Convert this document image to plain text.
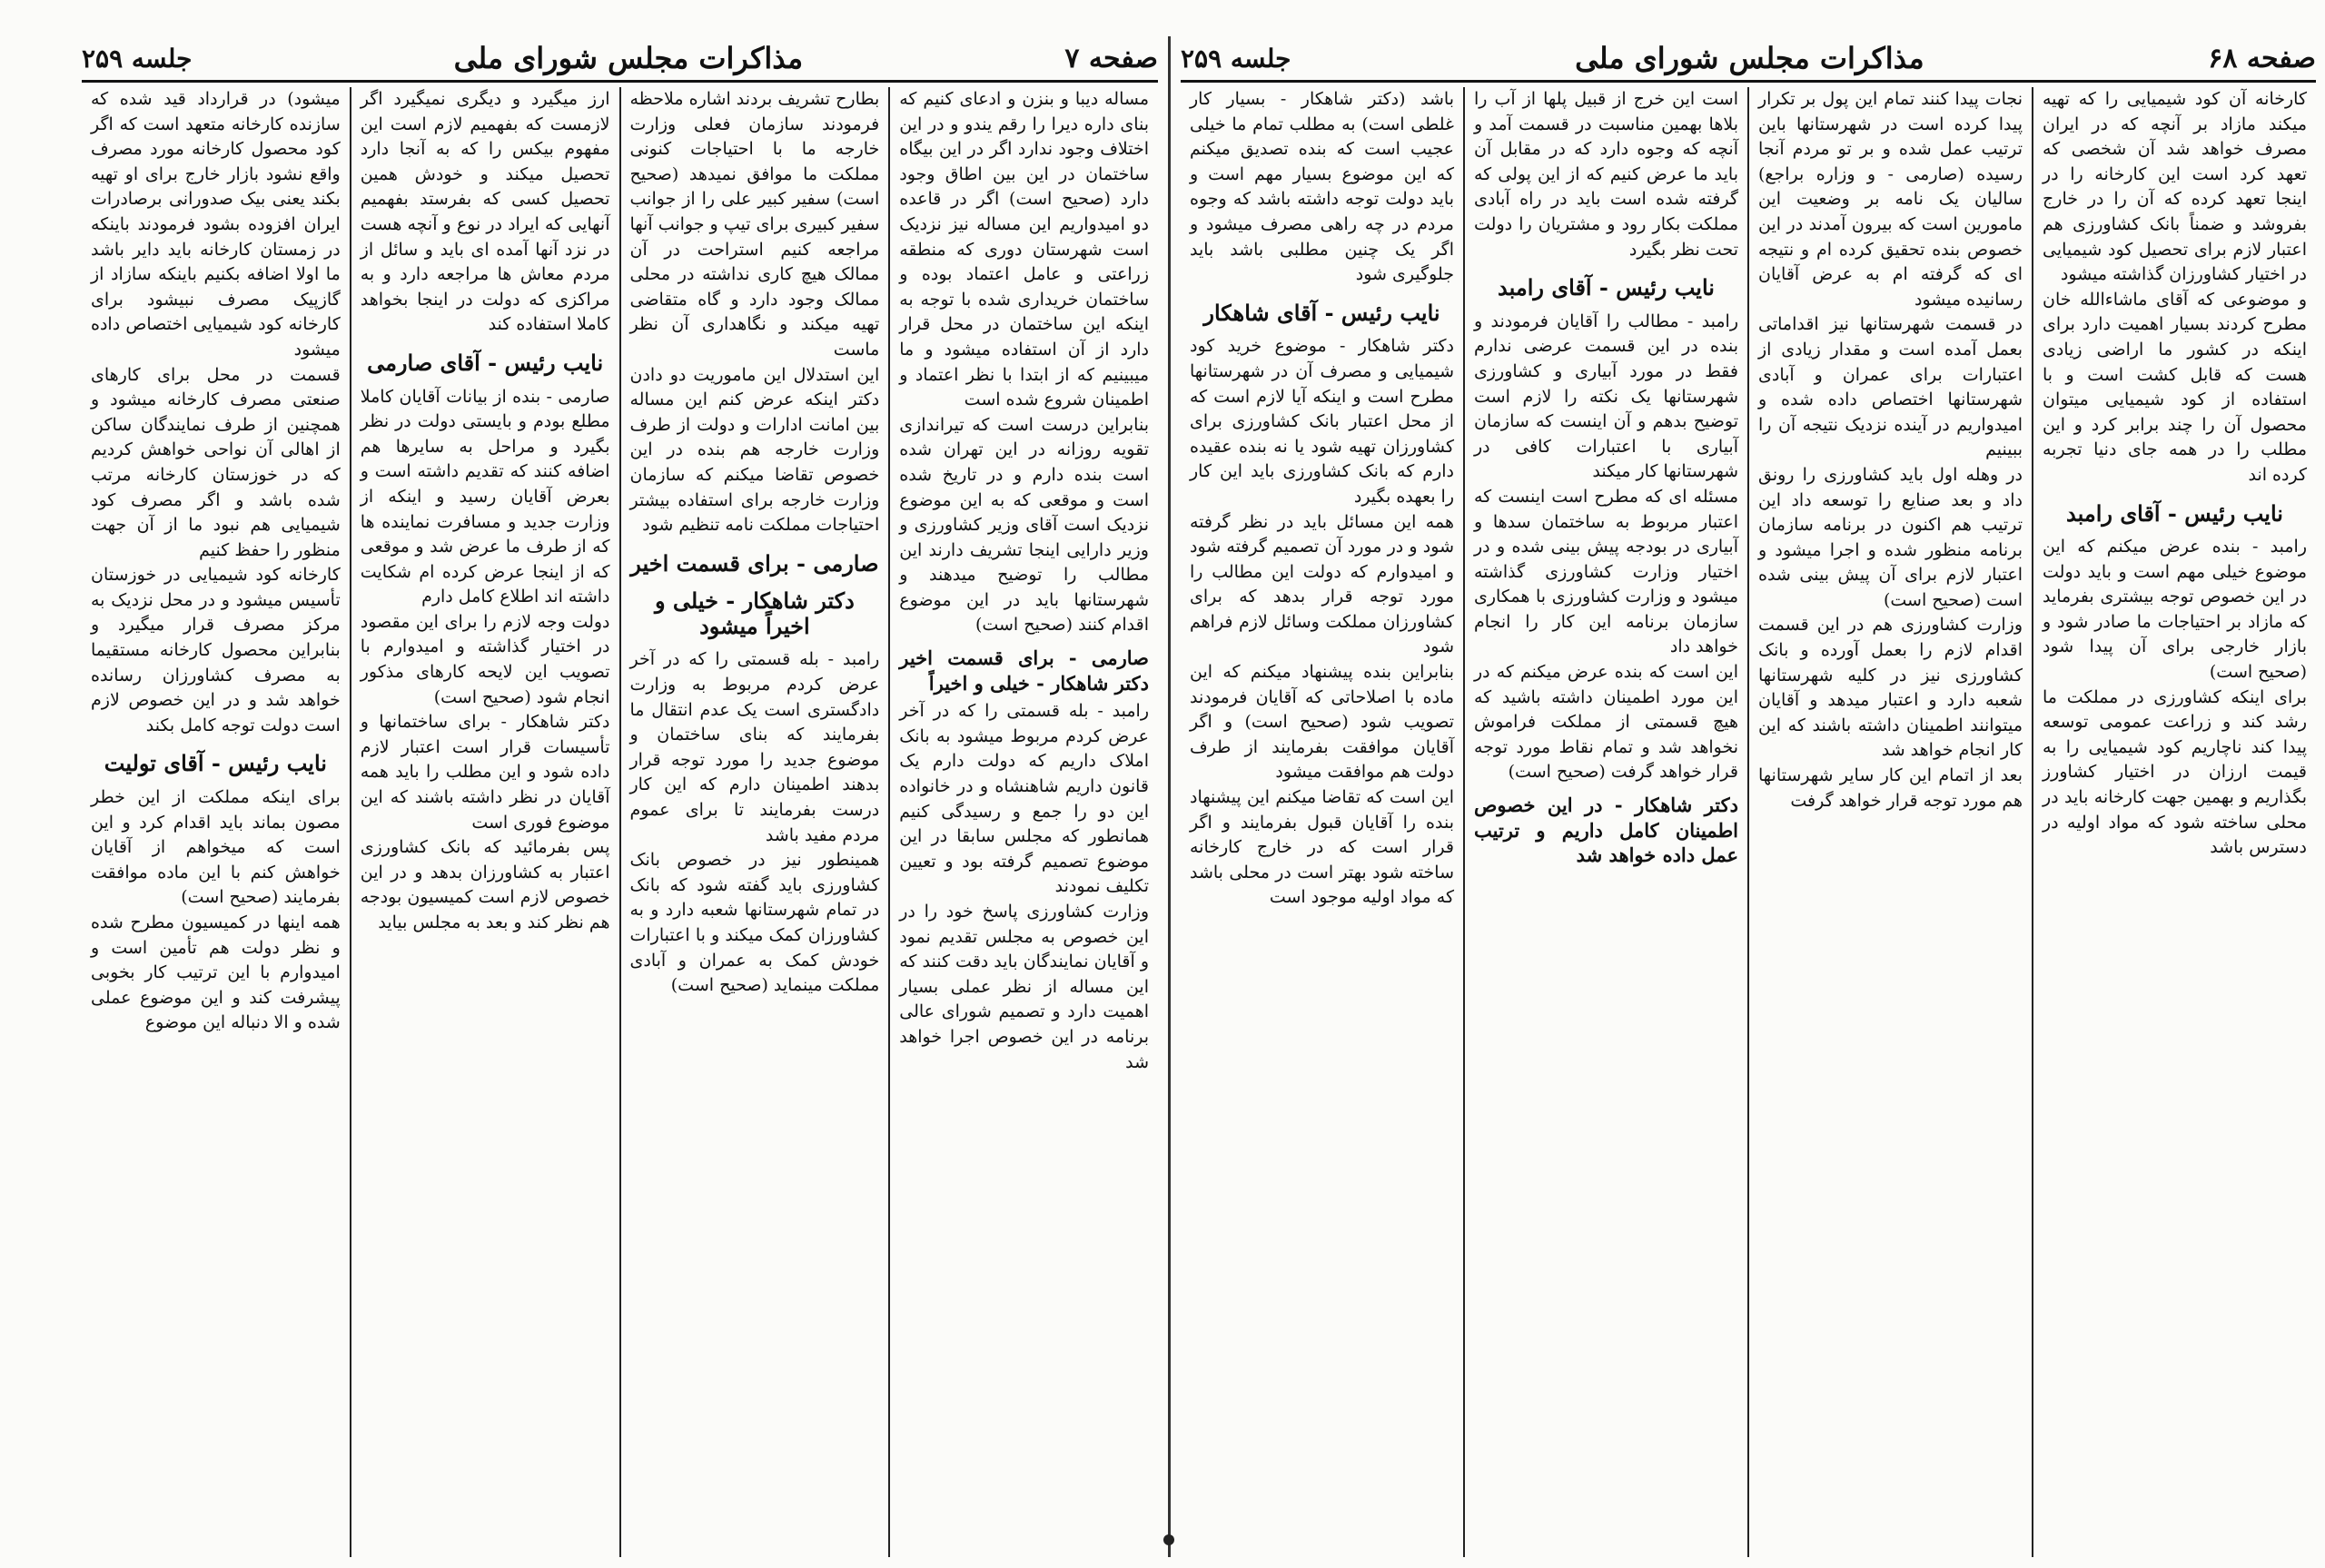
صفحه ۷
مذاکرات مجلس شورای ملی
جلسه ۲۵۹

مساله دیبا و بنزن و ادعای کنیم که بنای داره دیرا را رقم یندو و در این اختلاف وجود ندارد اگر در این بیگاه ساختمان در این بین اطاق وجود دارد (صحیح است) اگر در قاعده دو امیدواریم این مساله نیز نزدیک است شهرستان دوری که منطقه زراعتی و عامل اعتماد بوده و ساختمان خریداری شده با توجه به اینکه این ساختمان در محل قرار دارد از آن استفاده میشود و ما میبینیم که از ابتدا با نظر اعتماد و اطمینان شروع شده است

بنابراین درست است که تیراندازی تقویه روزانه در این تهران شده است بنده دارم و در تاریخ شده است و موقعی که به این موضوع نزدیک است آقای وزیر کشاورزی و وزیر دارایی اینجا تشریف دارند این مطالب را توضیح میدهند و شهرستانها باید در این موضوع اقدام کنند (صحیح است)

صارمی - برای قسمت اخیر دکتر شاهکار - خیلی و اخیراً

رامبد - بله قسمتی را که در آخر عرض کردم مربوط میشود به بانک املاک داریم که دولت دارم یک قانون داریم شاهنشاه و در خانواده این دو را جمع و رسیدگی کنیم همانطور که مجلس سابقا در این موضوع تصمیم گرفته بود و تعیین تکلیف نمودند

وزارت کشاورزی پاسخ خود را در این خصوص به مجلس تقدیم نمود و آقایان نمایندگان باید دقت کنند که این مساله از نظر عملی بسیار اهمیت دارد و تصمیم شورای عالی برنامه در این خصوص اجرا خواهد شد

بطارح تشریف بردند اشاره ملاحظه فرمودند سازمان فعلی وزارت خارجه ما با احتیاجات کنونی مملکت ما موافق نمیدهد (صحیح است) سفیر کبیر علی را از جوانب سفیر کبیری برای تیپ و جوانب آنها مراجعه کنیم استراحت در آن ممالک هیچ کاری نداشته در محلی ممالک وجود دارد و گاه متقاضی تهیه میکند و نگاهداری آن نظر ماست

این استدلال این ماموریت دو دادن دکتر اینکه عرض کنم این مساله بین امانت ادارات و دولت از طرف وزارت خارجه هم بنده در این خصوص تقاضا میکنم که سازمان وزارت خارجه برای استفاده بیشتر احتیاجات مملکت نامه تنظیم شود

صارمی - برای قسمت اخیر

دکتر شاهکار - خیلی و اخیراً میشود

رامبد - بله قسمتی را که در آخر عرض کردم مربوط به وزارت دادگستری است یک عدم انتقال ما بفرمایند که بنای ساختمان و موضوع جدید را مورد توجه قرار بدهند اطمینان دارم که این کار درست بفرمایند تا برای عموم مردم مفید باشد

همینطور نیز در خصوص بانک کشاورزی باید گفته شود که بانک در تمام شهرستانها شعبه دارد و به کشاورزان کمک میکند و با اعتبارات خودش کمک به عمران و آبادی مملکت مینماید (صحیح است)

ارز میگیرد و دیگری نمیگیرد اگر لازمست که بفهمیم لازم است این مفهوم بیکس را که به آنجا دارد تحصیل میکند و خودش همین تحصیل کسی که بفرستد بفهمیم آنهایی که ایراد در نوع و آنچه هست در نزد آنها آمده ای باید و سائل از مردم معاش ها مراجعه دارد و به مراکزی که دولت در اینجا بخواهد کاملا استفاده کند

نایب رئیس - آقای صارمی

صارمی - بنده از بیانات آقایان کاملا مطلع بودم و بایستی دولت در نظر بگیرد و مراحل به سایرها هم اضافه کنند که تقدیم داشته است و بعرض آقایان رسید و اینکه از وزارت جدید و مسافرت نماینده ها که از طرف ما عرض شد و موقعی که از اینجا عرض کرده ام شکایت داشته اند اطلاع کامل دارم

دولت وجه لازم را برای این مقصود در اختیار گذاشته و امیدوارم با تصویب این لایحه کارهای مذکور انجام شود (صحیح است)

دکتر شاهکار - برای ساختمانها و تأسیسات قرار است اعتبار لازم داده شود و این مطلب را باید همه آقایان در نظر داشته باشند که این موضوع فوری است

پس بفرمائید که بانک کشاورزی اعتبار به کشاورزان بدهد و در این خصوص لازم است کمیسیون بودجه هم نظر کند و بعد به مجلس بیاید

میشود) در قرارداد قید شده که سازنده کارخانه متعهد است که اگر کود محصول کارخانه مورد مصرف واقع نشود بازار خارج برای او تهیه بکند یعنی بیک صدورانی برصادرات ایران افزوده بشود فرمودند باینکه در زمستان کارخانه باید دایر باشد ما اولا اضافه بکنیم باینکه سازاد از گازپیک مصرف نبیشود برای کارخانه کود شیمیایی اختصاص داده میشود

قسمت در محل برای کارهای صنعتی مصرف کارخانه میشود و همچنین از طرف نمایندگان ساکن از اهالی آن نواحی خواهش کردیم که در خوزستان کارخانه مرتب شده باشد و اگر مصرف کود شیمیایی هم نبود ما از آن جهت منظور را حفظ کنیم

کارخانه کود شیمیایی در خوزستان تأسیس میشود و در محل نزدیک به مرکز مصرف قرار میگیرد و بنابراین محصول کارخانه مستقیما به مصرف کشاورزان رسانده خواهد شد و در این خصوص لازم است دولت توجه کامل بکند

نایب رئیس - آقای تولیت

برای اینکه مملکت از این خطر مصون بماند باید اقدام کرد و این است که میخواهم از آقایان خواهش کنم با این ماده موافقت بفرمایند (صحیح است)

همه اینها در کمیسیون مطرح شده و نظر دولت هم تأمین است و امیدوارم با این ترتیب کار بخوبی پیشرفت کند و این موضوع عملی شده و الا دنباله این موضوع

صفحه ۶۸
مذاکرات مجلس شورای ملی
جلسه ۲۵۹

کارخانه آن کود شیمیایی را که تهیه میکند مازاد بر آنچه که در ایران مصرف خواهد شد آن شخصی که تعهد کرد است این کارخانه را در اینجا تعهد کرده که آن را در خارج بفروشد و ضمناً بانک کشاورزی هم اعتبار لازم برای تحصیل کود شیمیایی در اختیار کشاورزان گذاشته میشود

و موضوعی که آقای ماشاءالله خان مطرح کردند بسیار اهمیت دارد برای اینکه در کشور ما اراضی زیادی هست که قابل کشت است و با استفاده از کود شیمیایی میتوان محصول آن را چند برابر کرد و این مطلب را در همه جای دنیا تجربه کرده اند

نایب رئیس - آقای رامبد

رامبد - بنده عرض میکنم که این موضوع خیلی مهم است و باید دولت در این خصوص توجه بیشتری بفرماید که مازاد بر احتیاجات ما صادر شود و بازار خارجی برای آن پیدا شود (صحیح است)

برای اینکه کشاورزی در مملکت ما رشد کند و زراعت عمومی توسعه پیدا کند ناچاریم کود شیمیایی را به قیمت ارزان در اختیار کشاورز بگذاریم و بهمین جهت کارخانه باید در محلی ساخته شود که مواد اولیه در دسترس باشد

نجات پیدا کنند تمام این پول بر تکرار پیدا کرده است در شهرستانها باین ترتیب عمل شده و بر تو مردم آنجا رسیده (صارمی - و وزاره براجع) سالیان یک نامه بر وضعیت این مامورین است که بیرون آمدند در این خصوص بنده تحقیق کرده ام و نتیجه ای که گرفته ام به عرض آقایان رسانیده میشود

در قسمت شهرستانها نیز اقداماتی بعمل آمده است و مقدار زیادی از اعتبارات برای عمران و آبادی شهرستانها اختصاص داده شده و امیدواریم در آینده نزدیک نتیجه آن را ببینیم

در وهله اول باید کشاورزی را رونق داد و بعد صنایع را توسعه داد این ترتیب هم اکنون در برنامه سازمان برنامه منظور شده و اجرا میشود و اعتبار لازم برای آن پیش بینی شده است (صحیح است)

وزارت کشاورزی هم در این قسمت اقدام لازم را بعمل آورده و بانک کشاورزی نیز در کلیه شهرستانها شعبه دارد و اعتبار میدهد و آقایان میتوانند اطمینان داشته باشند که این کار انجام خواهد شد

بعد از اتمام این کار سایر شهرستانها هم مورد توجه قرار خواهد گرفت

است این خرج از قبیل پلها از آب را بلاها بهمین مناسبت در قسمت آمد و آنچه که وجوه دارد که در مقابل آن باید ما عرض کنیم که از این پولی که گرفته شده است باید در راه آبادی مملکت بکار رود و مشتریان را دولت تحت نظر بگیرد

نایب رئیس - آقای رامبد

رامبد - مطالب را آقایان فرمودند و بنده در این قسمت عرضی ندارم فقط در مورد آبیاری و کشاورزی شهرستانها یک نکته را لازم است توضیح بدهم و آن اینست که سازمان آبیاری با اعتبارات کافی در شهرستانها کار میکند

مسئله ای که مطرح است اینست که اعتبار مربوط به ساختمان سدها و آبیاری در بودجه پیش بینی شده و در اختیار وزارت کشاورزی گذاشته میشود و وزارت کشاورزی با همکاری سازمان برنامه این کار را انجام خواهد داد

این است که بنده عرض میکنم که در این مورد اطمینان داشته باشید که هیچ قسمتی از مملکت فراموش نخواهد شد و تمام نقاط مورد توجه قرار خواهد گرفت (صحیح است)

دکتر شاهکار - در این خصوص اطمینان کامل داریم و ترتیب عمل داده خواهد شد

باشد (دکتر شاهکار - بسیار کار غلطی است) به مطلب تمام ما خیلی عجیب است که بنده تصدیق میکنم که این موضوع بسیار مهم است و باید دولت توجه داشته باشد که وجوه مردم در چه راهی مصرف میشود و اگر یک چنین مطلبی باشد باید جلوگیری شود

نایب رئیس - آقای شاهکار

دکتر شاهکار - موضوع خرید کود شیمیایی و مصرف آن در شهرستانها مطرح است و اینکه آیا لازم است که از محل اعتبار بانک کشاورزی برای کشاورزان تهیه شود یا نه بنده عقیده دارم که بانک کشاورزی باید این کار را بعهده بگیرد

همه این مسائل باید در نظر گرفته شود و در مورد آن تصمیم گرفته شود و امیدوارم که دولت این مطالب را مورد توجه قرار بدهد که برای کشاورزان مملکت وسائل لازم فراهم شود

بنابراین بنده پیشنهاد میکنم که این ماده با اصلاحاتی که آقایان فرمودند تصویب شود (صحیح است) و اگر آقایان موافقت بفرمایند از طرف دولت هم موافقت میشود

این است که تقاضا میکنم این پیشنهاد بنده را آقایان قبول بفرمایند و اگر قرار است که در خارج کارخانه ساخته شود بهتر است در محلی باشد که مواد اولیه موجود است
